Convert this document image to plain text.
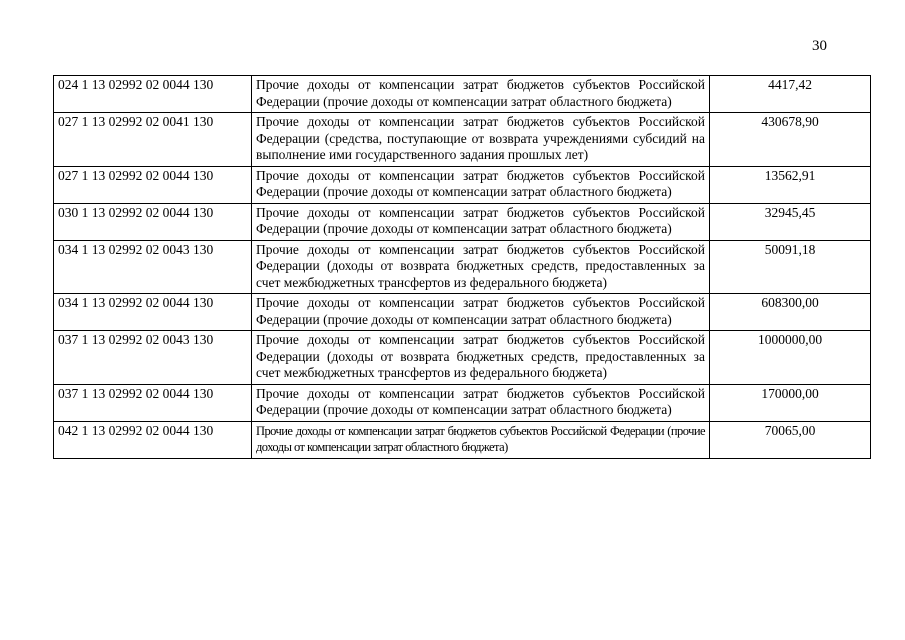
30
024 1 13 02992 02 0044 130	Прочие доходы от компенсации затрат бюджетов субъектов Российской Федерации (прочие доходы от компенсации затрат областного бюджета)	4417,42
027 1 13 02992 02 0041 130	Прочие доходы от компенсации затрат бюджетов субъектов Российской Федерации (средства, поступающие от возврата учреждениями субсидий на выполнение ими государственного задания прошлых лет)	430678,90
027 1 13 02992 02 0044 130	Прочие доходы от компенсации затрат бюджетов субъектов Российской Федерации (прочие доходы от компенсации затрат областного бюджета)	13562,91
030 1 13 02992 02 0044 130	Прочие доходы от компенсации затрат бюджетов субъектов Российской Федерации (прочие доходы от компенсации затрат областного бюджета)	32945,45
034 1 13 02992 02 0043 130	Прочие доходы от компенсации затрат бюджетов субъектов Российской Федерации (доходы от возврата бюджетных средств, предоставленных за счет межбюджетных трансфертов из федерального бюджета)	50091,18
034 1 13 02992 02 0044 130	Прочие доходы от компенсации затрат бюджетов субъектов Российской Федерации (прочие доходы от компенсации затрат областного бюджета)	608300,00
037 1 13 02992 02 0043 130	Прочие доходы от компенсации затрат бюджетов субъектов Российской Федерации (доходы от возврата бюджетных средств, предоставленных за счет межбюджетных трансфертов из федерального бюджета)	1000000,00
037 1 13 02992 02 0044 130	Прочие доходы от компенсации затрат бюджетов субъектов Российской Федерации (прочие доходы от компенсации затрат областного бюджета)	170000,00
042 1 13 02992 02 0044 130	Прочие доходы от компенсации затрат бюджетов субъектов Российской Федерации (прочие доходы от компенсации затрат областного бюджета)	70065,00
